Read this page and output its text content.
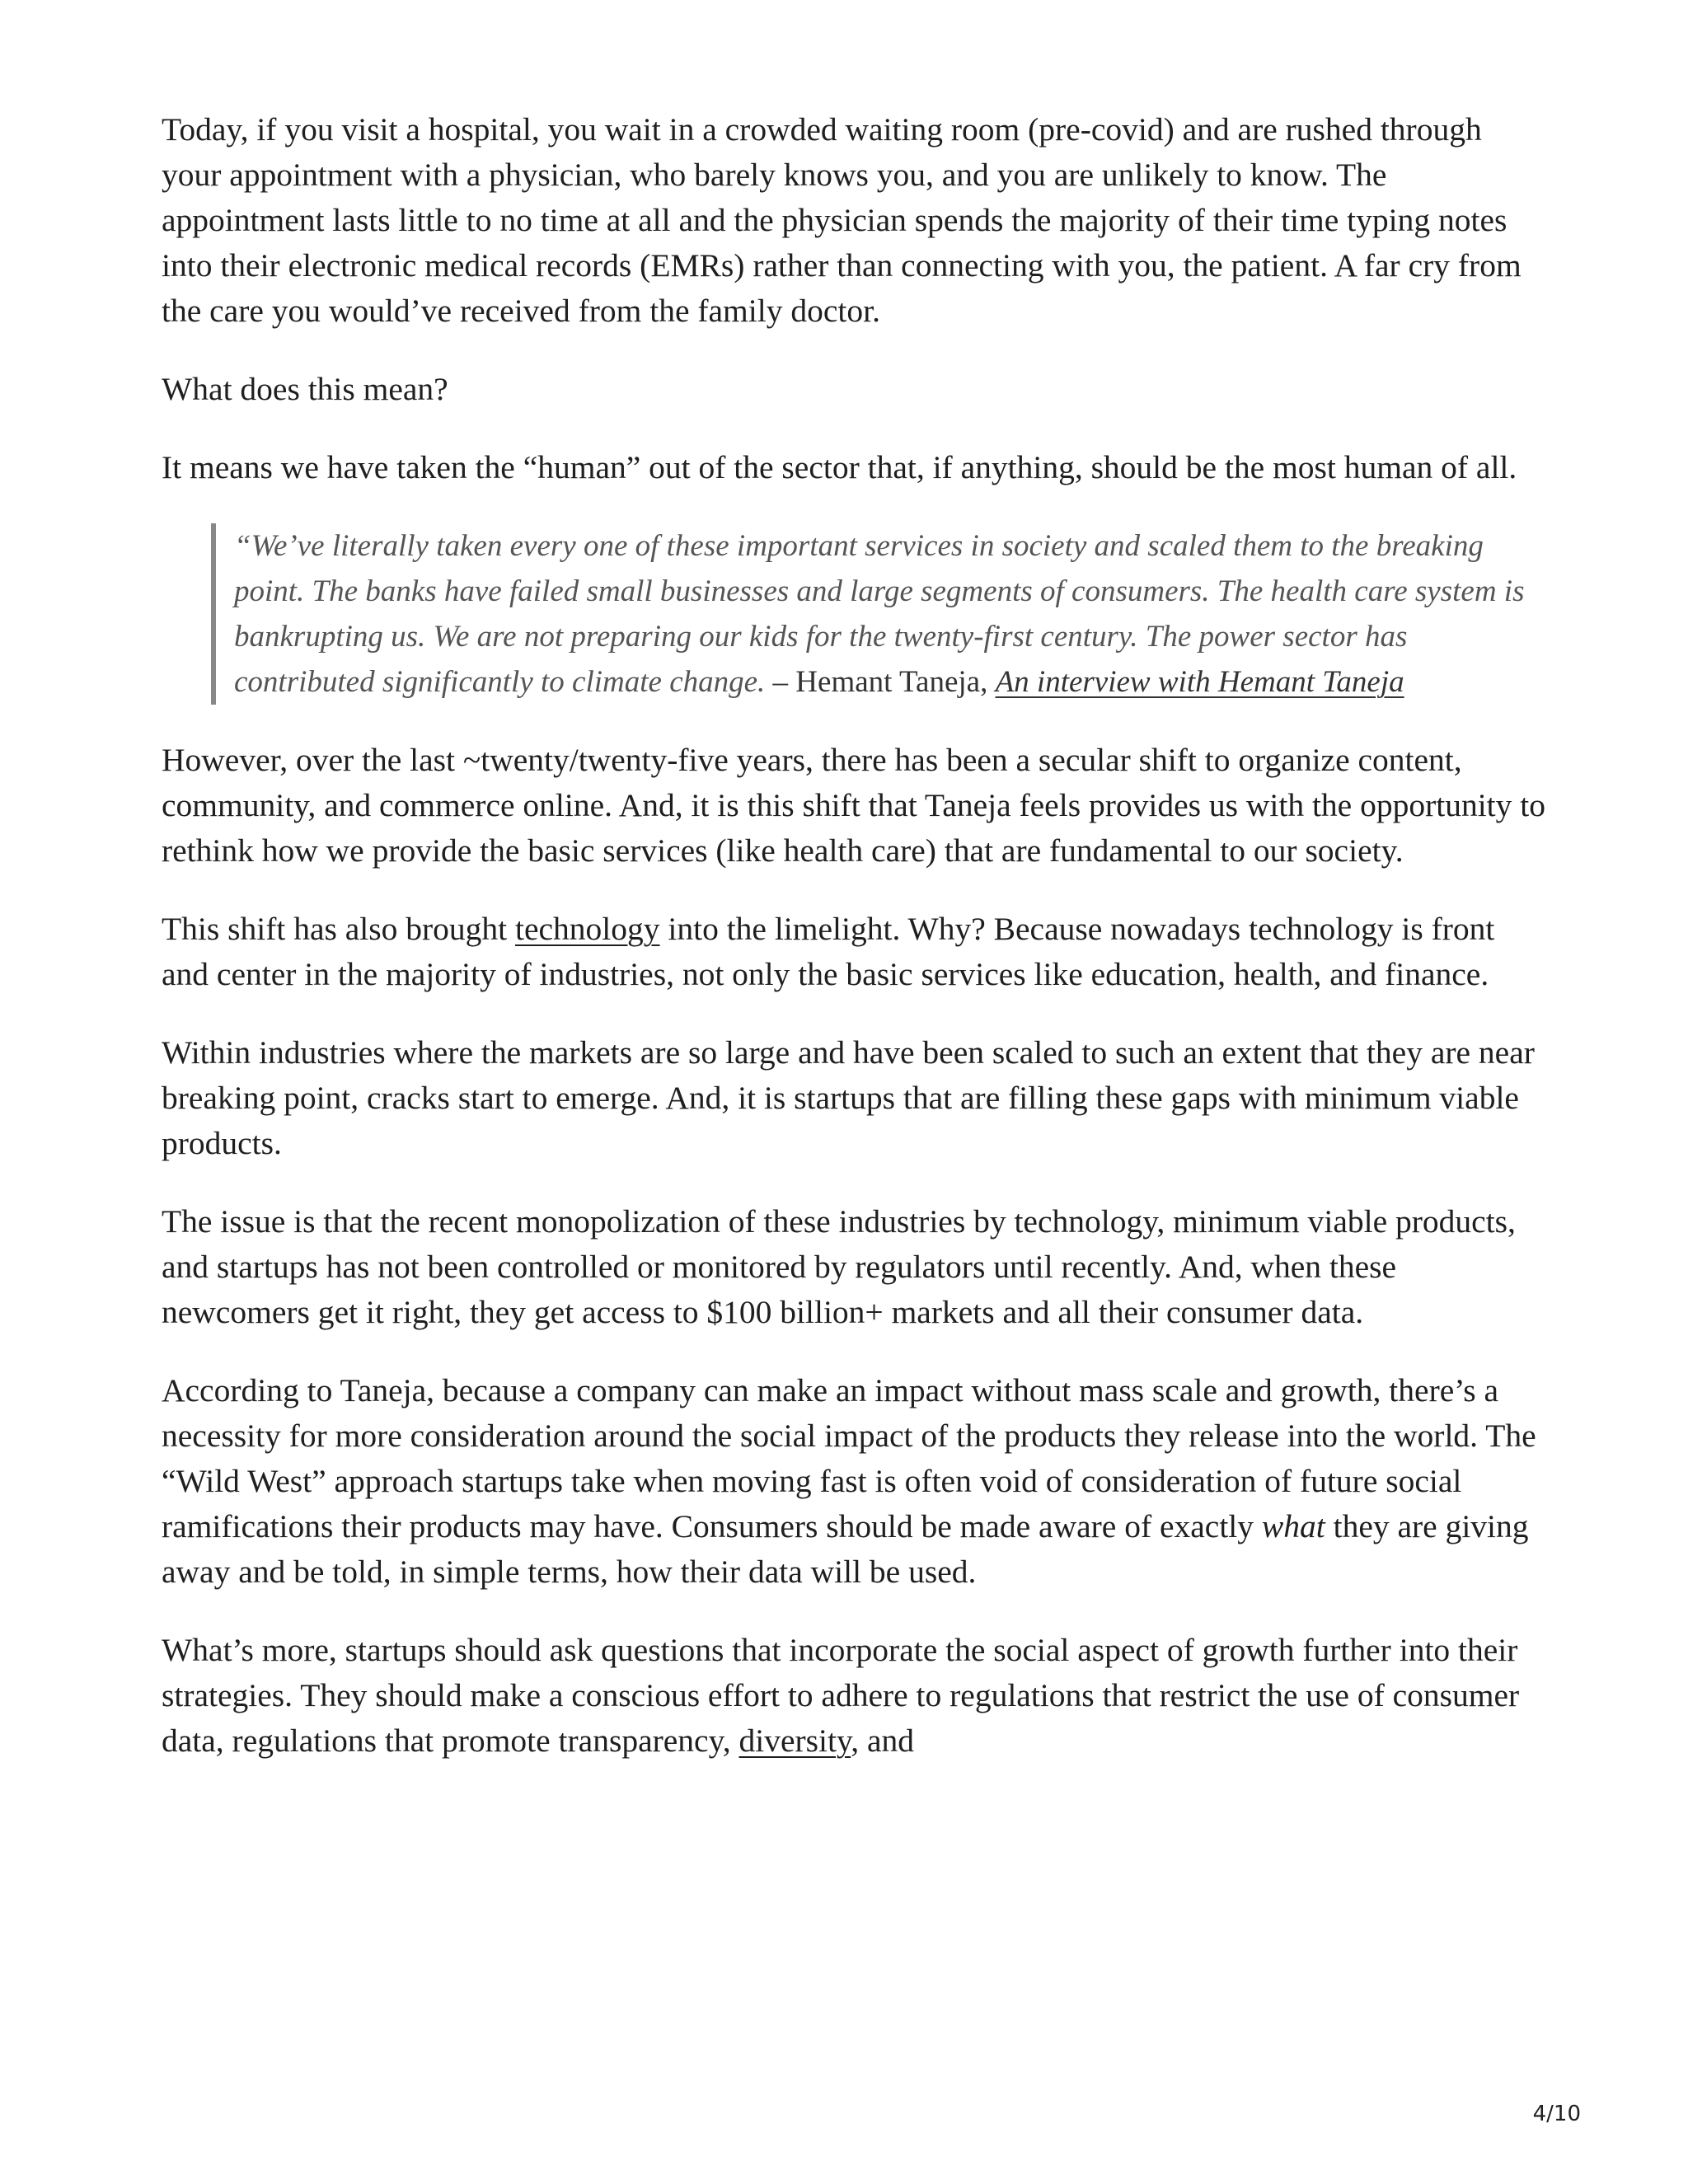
Today, if you visit a hospital, you wait in a crowded waiting room (pre-covid) and are rushed through your appointment with a physician, who barely knows you, and you are unlikely to know. The appointment lasts little to no time at all and the physician spends the majority of their time typing notes into their electronic medical records (EMRs) rather than connecting with you, the patient. A far cry from the care you would’ve received from the family doctor.

What does this mean?

It means we have taken the “human” out of the sector that, if anything, should be the most human of all.

“We’ve literally taken every one of these important services in society and scaled them to the breaking point. The banks have failed small businesses and large segments of consumers. The health care system is bankrupting us. We are not preparing our kids for the twenty-first century. The power sector has contributed significantly to climate change. – Hemant Taneja, An interview with Hemant Taneja

However, over the last ~twenty/twenty-five years, there has been a secular shift to organize content, community, and commerce online. And, it is this shift that Taneja feels provides us with the opportunity to rethink how we provide the basic services (like health care) that are fundamental to our society.

This shift has also brought technology into the limelight. Why? Because nowadays technology is front and center in the majority of industries, not only the basic services like education, health, and finance.

Within industries where the markets are so large and have been scaled to such an extent that they are near breaking point, cracks start to emerge. And, it is startups that are filling these gaps with minimum viable products.

The issue is that the recent monopolization of these industries by technology, minimum viable products, and startups has not been controlled or monitored by regulators until recently. And, when these newcomers get it right, they get access to $100 billion+ markets and all their consumer data.

According to Taneja, because a company can make an impact without mass scale and growth, there’s a necessity for more consideration around the social impact of the products they release into the world. The “Wild West” approach startups take when moving fast is often void of consideration of future social ramifications their products may have. Consumers should be made aware of exactly what they are giving away and be told, in simple terms, how their data will be used.

What’s more, startups should ask questions that incorporate the social aspect of growth further into their strategies. They should make a conscious effort to adhere to regulations that restrict the use of consumer data, regulations that promote transparency, diversity, and

4/10
